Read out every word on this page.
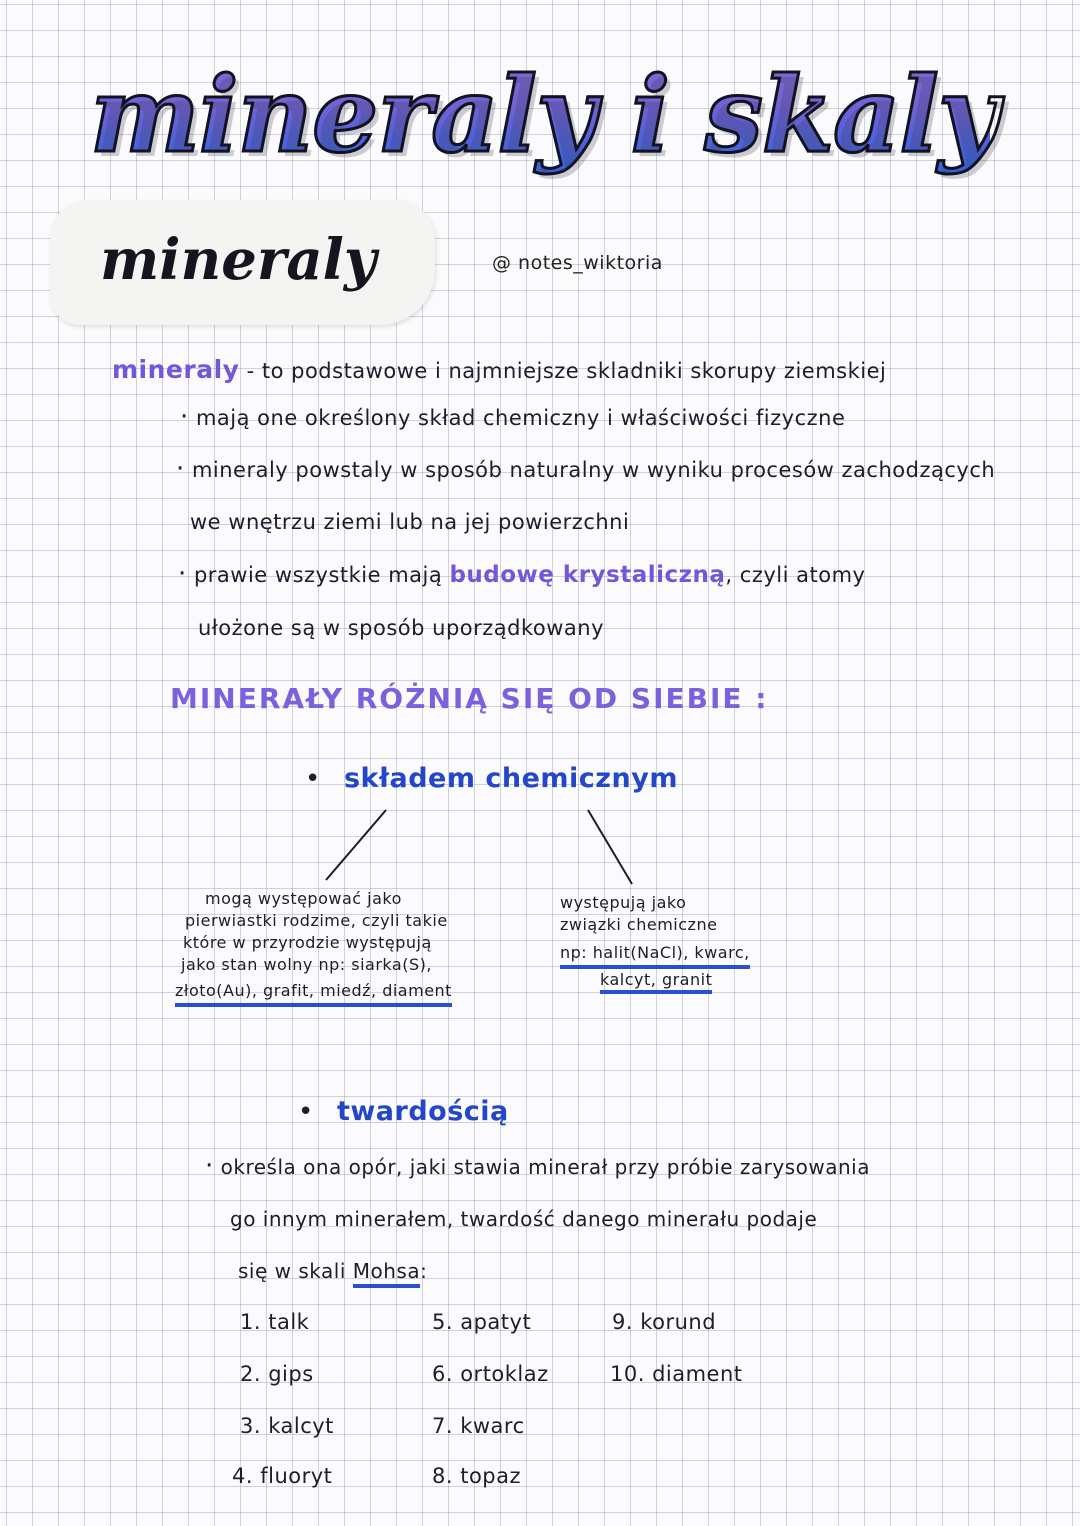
mineraly i skaly
mineraly	@ notes_wiktoria
mineraly - to podstawowe i najmniejsze skladniki skorupy ziemskiej
· mają one określony skład chemiczny i właściwości fizyczne
· mineraly powstaly w sposób naturalny w wyniku procesów zachodzących
we wnętrzu ziemi lub na jej powierzchni
· prawie wszystkie mają budowę krystaliczną, czyli atomy
ułożone są w sposób uporządkowany
MINERAŁY RÓŻNIĄ SIĘ OD SIEBIE :
• składem chemicznym
mogą występować jako
pierwiastki rodzime, czyli takie
które w przyrodzie występują
jako stan wolny np: siarka(S),
złoto(Au), grafit, miedź, diament
występują jako
związki chemiczne
np: halit(NaCl), kwarc,
kalcyt, granit
• twardością
· określa ona opór, jaki stawia minerał przy próbie zarysowania
go innym minerałem, twardość danego minerału podaje
się w skali Mohsa:
1. talk
2. gips
3. kalcyt
4. fluoryt
5. apatyt
6. ortoklaz
7. kwarc
8. topaz
9. korund
10. diament
